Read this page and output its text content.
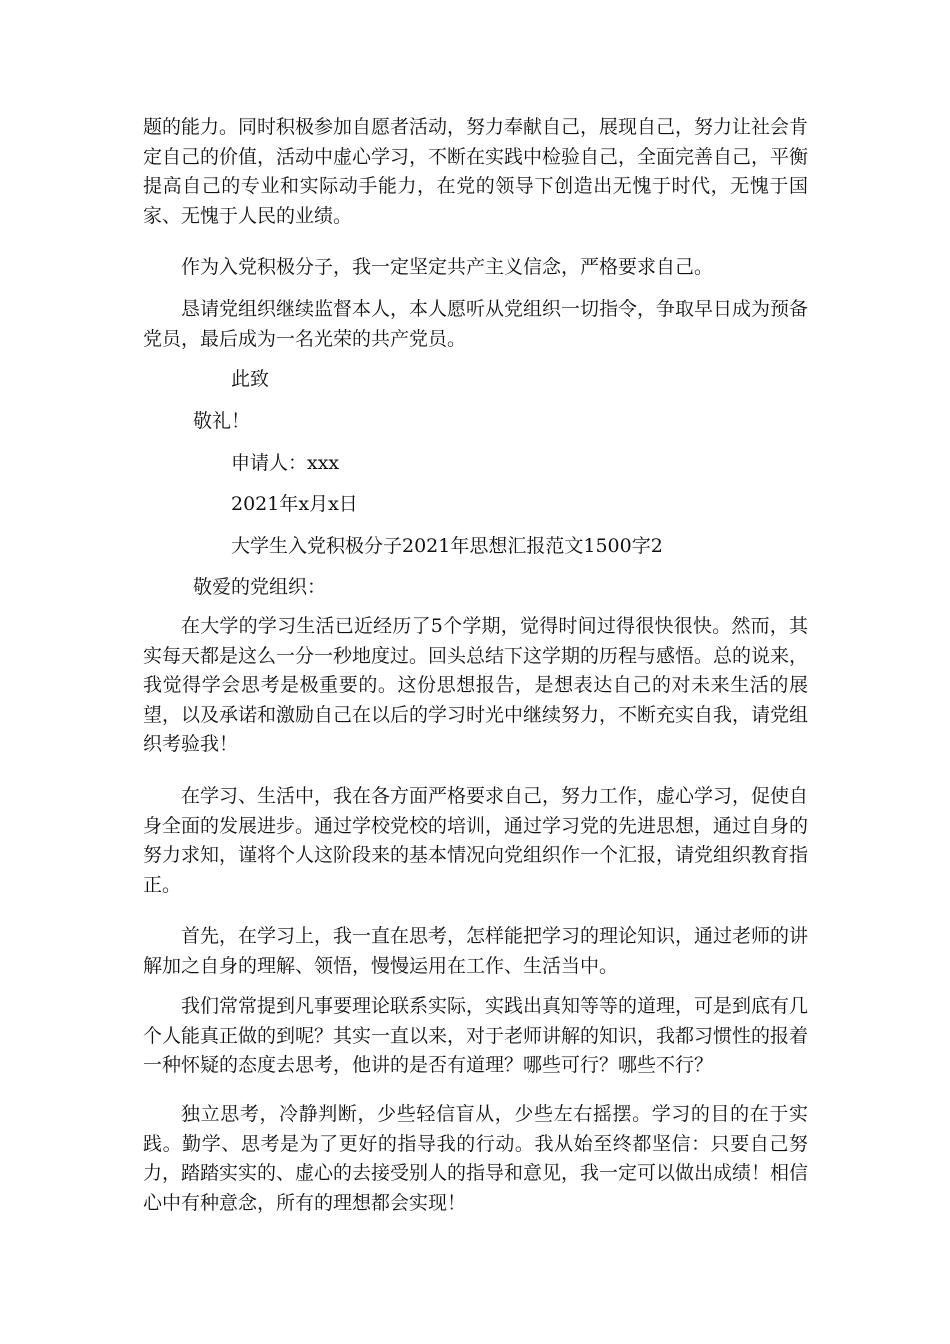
题的能力。同时积极参加自愿者活动，努力奉献自己，展现自己，努力让社会肯定自己的价值，活动中虚心学习，不断在实践中检验自己，全面完善自己，平衡提高自己的专业和实际动手能力，在党的领导下创造出无愧于时代，无愧于国家、无愧于人民的业绩。

作为入党积极分子，我一定坚定共产主义信念，严格要求自己。

恳请党组织继续监督本人，本人愿听从党组织一切指令，争取早日成为预备党员，最后成为一名光荣的共产党员。

此致

敬礼！

申请人：xxx

2021年x月x日

大学生入党积极分子2021年思想汇报范文1500字2

敬爱的党组织：

在大学的学习生活已近经历了5个学期，觉得时间过得很快很快。然而，其实每天都是这么一分一秒地度过。回头总结下这学期的历程与感悟。总的说来，我觉得学会思考是极重要的。这份思想报告，是想表达自己的对未来生活的展望，以及承诺和激励自己在以后的学习时光中继续努力，不断充实自我，请党组织考验我！

在学习、生活中，我在各方面严格要求自己，努力工作，虚心学习，促使自身全面的发展进步。通过学校党校的培训，通过学习党的先进思想，通过自身的努力求知，谨将个人这阶段来的基本情况向党组织作一个汇报，请党组织教育指正。

首先，在学习上，我一直在思考，怎样能把学习的理论知识，通过老师的讲解加之自身的理解、领悟，慢慢运用在工作、生活当中。

我们常常提到凡事要理论联系实际，实践出真知等等的道理，可是到底有几个人能真正做的到呢？其实一直以来，对于老师讲解的知识，我都习惯性的报着一种怀疑的态度去思考，他讲的是否有道理？哪些可行？哪些不行？

独立思考，冷静判断，少些轻信盲从，少些左右摇摆。学习的目的在于实践。勤学、思考是为了更好的指导我的行动。我从始至终都坚信：只要自己努力，踏踏实实的、虚心的去接受别人的指导和意见，我一定可以做出成绩！相信心中有种意念，所有的理想都会实现！
